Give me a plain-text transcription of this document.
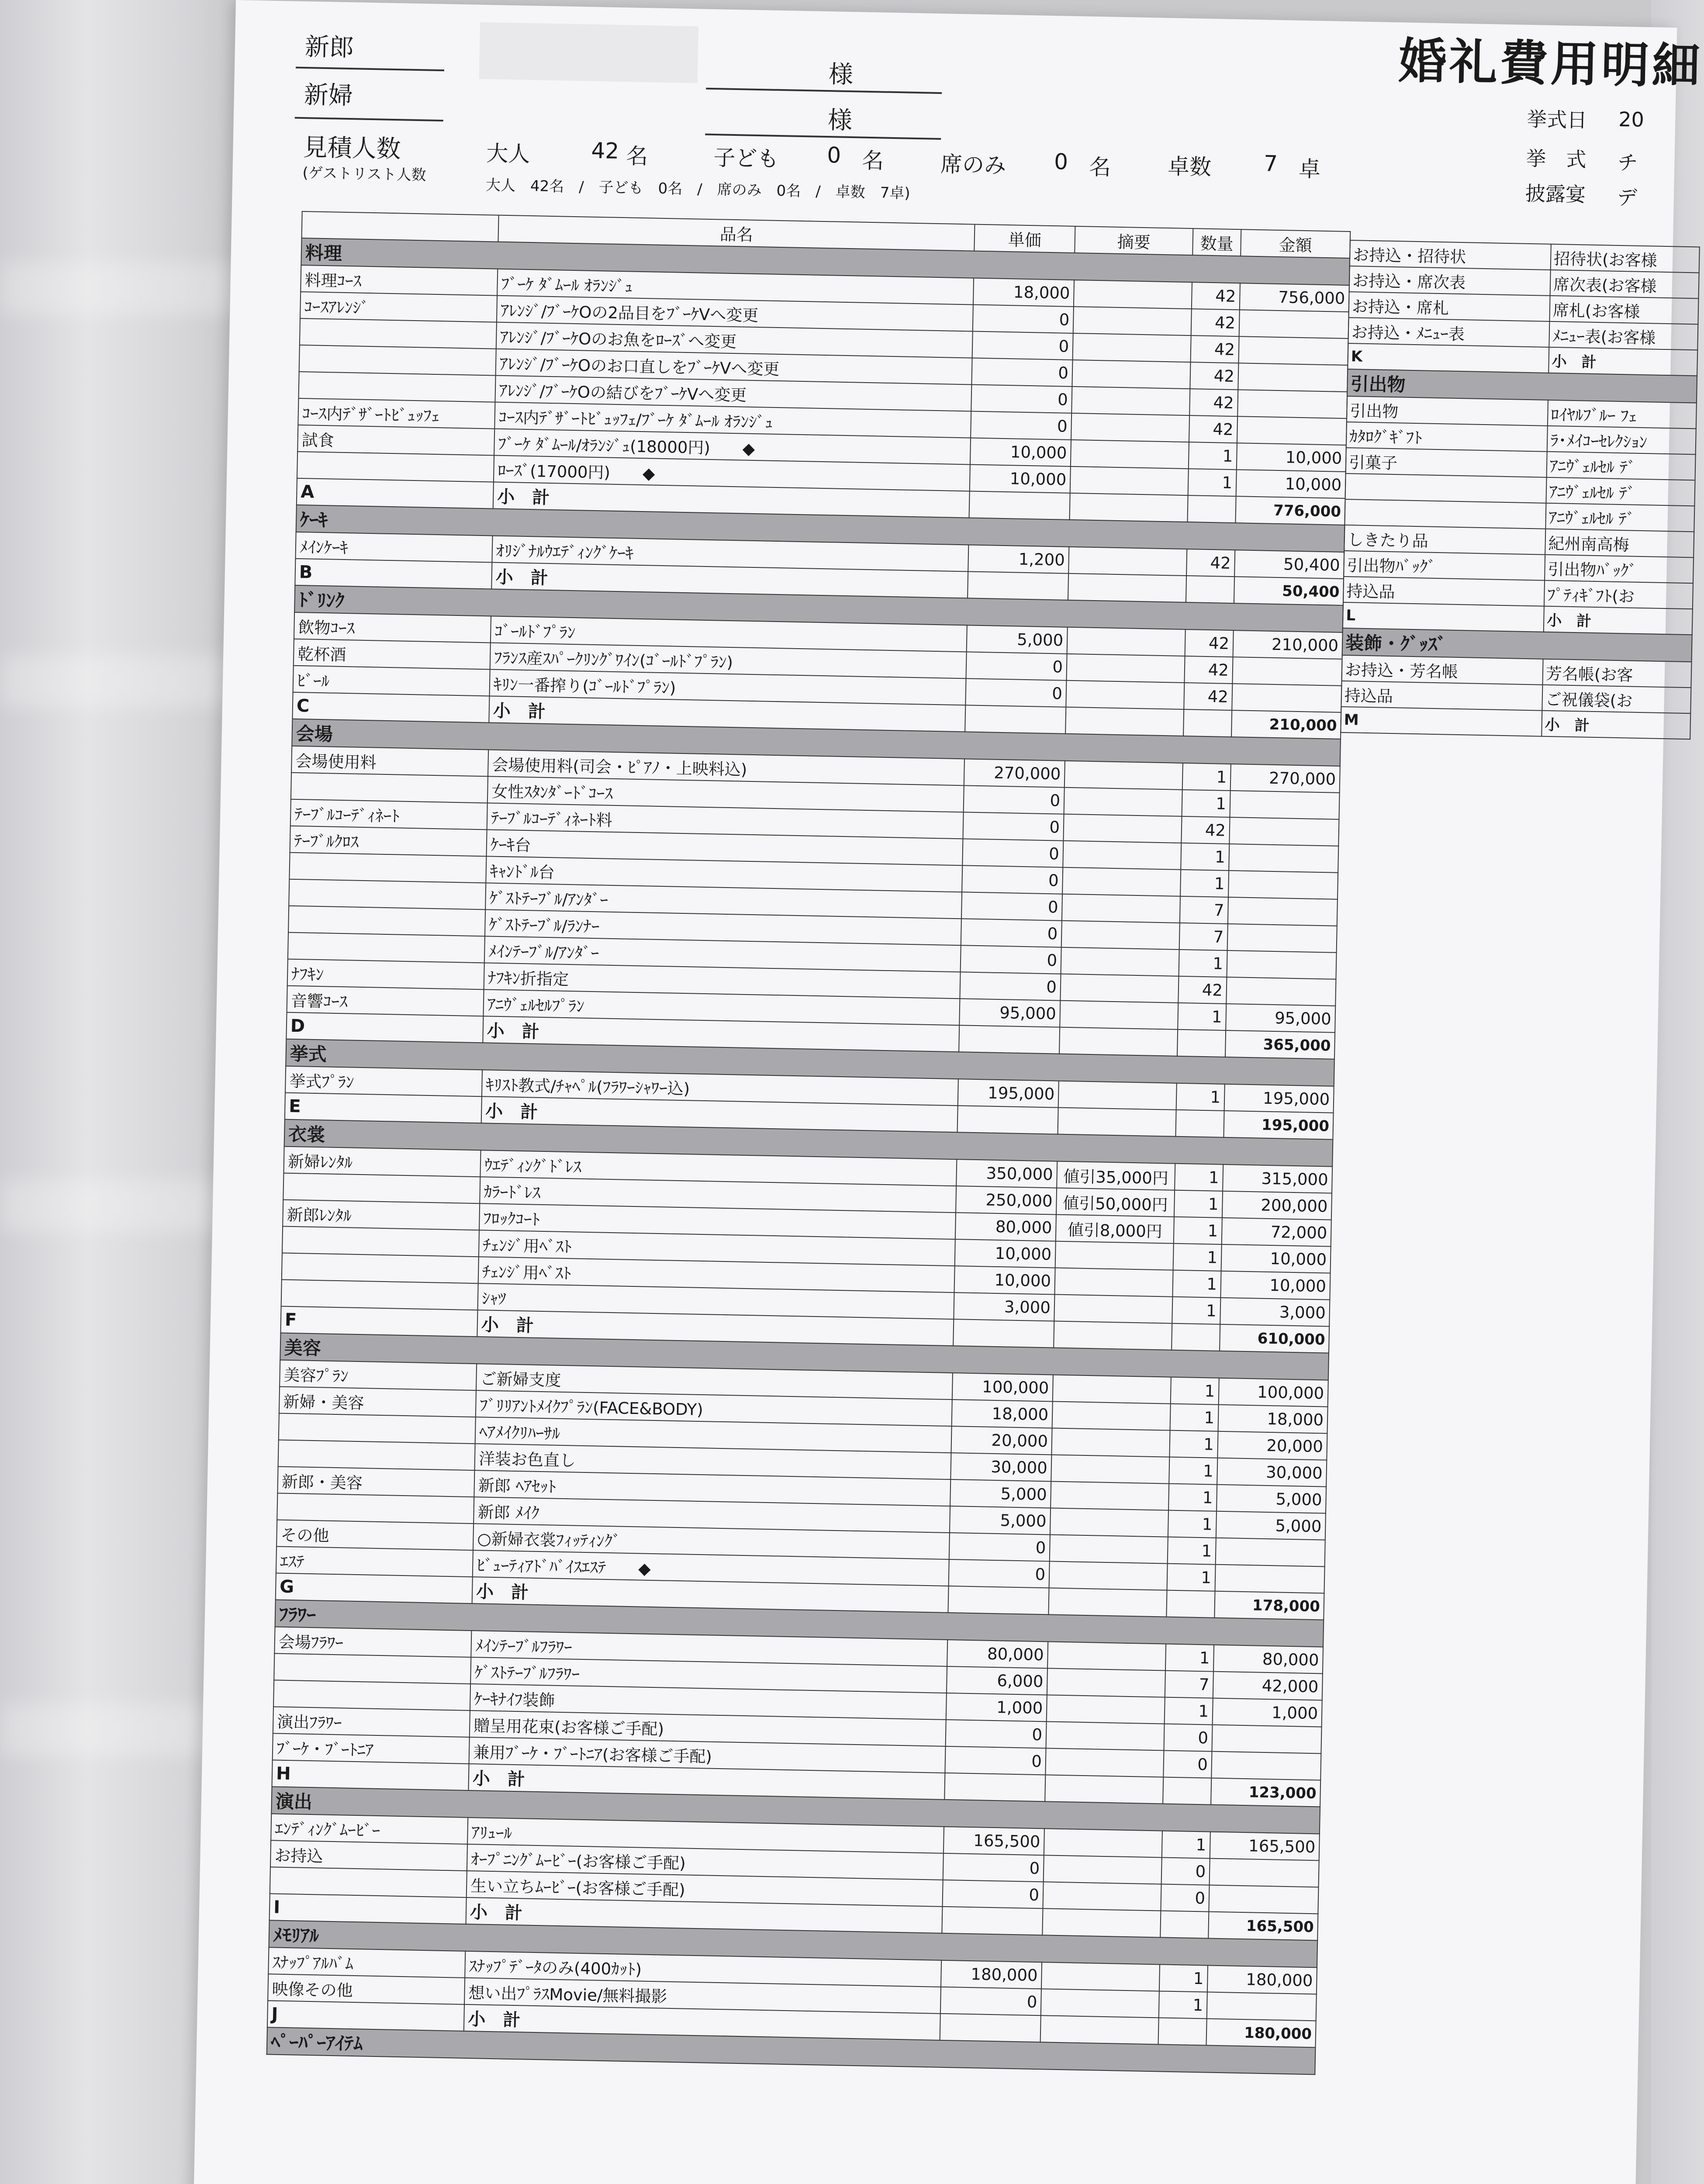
新郎
様
新婦
様
見積人数	大人	42 名	子ども 0 名	席のみ 0 名	卓数 7 卓
(ゲストリスト人数
大人　42名　/　子ども　0名　/　席のみ　0名　/　卓数　7卓)
婚礼費用明細
挙式日 20
挙　式 チ
披露宴 デ
	品名	単価	摘要	数量	金額
料理					
料理ｺｰｽ	ﾌﾞｰｹ ﾀﾞﾑｰﾙ ｵﾗﾝｼﾞｭ	18,000		42	756,000
ｺｰｽｱﾚﾝｼﾞ	ｱﾚﾝｼﾞ/ﾌﾞｰｹOの2品目をﾌﾞｰｹVへ変更	0		42	
	ｱﾚﾝｼﾞ/ﾌﾞｰｹOのお魚をﾛｰｽﾞへ変更	0		42	
	ｱﾚﾝｼﾞ/ﾌﾞｰｹOのお口直しをﾌﾞｰｹVへ変更	0		42	
	ｱﾚﾝｼﾞ/ﾌﾞｰｹOの結びをﾌﾞｰｹVへ変更	0		42	
ｺｰｽ内ﾃﾞｻﾞｰﾄﾋﾞｭｯﾌｪ	ｺｰｽ内ﾃﾞｻﾞｰﾄﾋﾞｭｯﾌｪ/ﾌﾞｰｹ ﾀﾞﾑｰﾙ ｵﾗﾝｼﾞｭ	0		42	
試食	ﾌﾞｰｹ ﾀﾞﾑｰﾙ/ｵﾗﾝｼﾞｭ(18000円)　　◆	10,000		1	10,000
	ﾛｰｽﾞ(17000円)　　◆	10,000		1	10,000
A	小　計				776,000
ｹｰｷ					
ﾒｲﾝｹｰｷ	ｵﾘｼﾞﾅﾙｳｴﾃﾞｨﾝｸﾞｹｰｷ	1,200		42	50,400
B	小　計				50,400
ﾄﾞﾘﾝｸ					
飲物ｺｰｽ	ｺﾞｰﾙﾄﾞﾌﾟﾗﾝ	5,000		42	210,000
乾杯酒	ﾌﾗﾝｽ産ｽﾊﾟｰｸﾘﾝｸﾞﾜｲﾝ(ｺﾞｰﾙﾄﾞﾌﾟﾗﾝ)	0		42	
ﾋﾞｰﾙ	ｷﾘﾝ一番搾り(ｺﾞｰﾙﾄﾞﾌﾟﾗﾝ)	0		42	
C	小　計				210,000
会場					
会場使用料	会場使用料(司会・ﾋﾟｱﾉ・上映料込)	270,000		1	270,000
	女性ｽﾀﾝﾀﾞｰﾄﾞｺｰｽ	0		1	
ﾃｰﾌﾞﾙｺｰﾃﾞｨﾈｰﾄ	ﾃｰﾌﾞﾙｺｰﾃﾞｨﾈｰﾄ料	0		42	
ﾃｰﾌﾞﾙｸﾛｽ	ｹｰｷ台	0		1	
	ｷｬﾝﾄﾞﾙ台	0		1	
	ｹﾞｽﾄﾃｰﾌﾞﾙ/ｱﾝﾀﾞｰ	0		7	
	ｹﾞｽﾄﾃｰﾌﾞﾙ/ﾗﾝﾅｰ	0		7	
	ﾒｲﾝﾃｰﾌﾞﾙ/ｱﾝﾀﾞｰ	0		1	
ﾅﾌｷﾝ	ﾅﾌｷﾝ折指定	0		42	
音響ｺｰｽ	ｱﾆｳﾞｪﾙｾﾙﾌﾟﾗﾝ	95,000		1	95,000
D	小　計				365,000
挙式					
挙式ﾌﾟﾗﾝ	ｷﾘｽﾄ教式/ﾁｬﾍﾟﾙ(ﾌﾗﾜｰｼｬﾜｰ込)	195,000		1	195,000
E	小　計				195,000
衣裳					
新婦ﾚﾝﾀﾙ	ｳｴﾃﾞｨﾝｸﾞﾄﾞﾚｽ	350,000	値引35,000円	1	315,000
	ｶﾗｰﾄﾞﾚｽ	250,000	値引50,000円	1	200,000
新郎ﾚﾝﾀﾙ	ﾌﾛｯｸｺｰﾄ	80,000	値引8,000円	1	72,000
	ﾁｪﾝｼﾞ用ﾍﾞｽﾄ	10,000		1	10,000
	ﾁｪﾝｼﾞ用ﾍﾞｽﾄ	10,000		1	10,000
	ｼｬﾂ	3,000		1	3,000
F	小　計				610,000
美容					
美容ﾌﾟﾗﾝ	ご新婦支度	100,000		1	100,000
新婦・美容	ﾌﾞﾘﾘｱﾝﾄﾒｲｸﾌﾟﾗﾝ(FACE&BODY)	18,000		1	18,000
	ﾍｱﾒｲｸﾘﾊｰｻﾙ	20,000		1	20,000
	洋装お色直し	30,000		1	30,000
新郎・美容	新郎 ﾍｱｾｯﾄ	5,000		1	5,000
	新郎 ﾒｲｸ	5,000		1	5,000
その他	○新婦衣裳ﾌｨｯﾃｨﾝｸﾞ	0		1	
ｴｽﾃ	ﾋﾞｭｰﾃｨｱﾄﾞﾊﾞｲｽｴｽﾃ　　◆	0		1	
G	小　計				178,000
ﾌﾗﾜｰ					
会場ﾌﾗﾜｰ	ﾒｲﾝﾃｰﾌﾞﾙﾌﾗﾜｰ	80,000		1	80,000
	ｹﾞｽﾄﾃｰﾌﾞﾙﾌﾗﾜｰ	6,000		7	42,000
	ｹｰｷﾅｲﾌ装飾	1,000		1	1,000
演出ﾌﾗﾜｰ	贈呈用花束(お客様ご手配)	0		0	
ﾌﾞｰｹ・ﾌﾞｰﾄﾆｱ	兼用ﾌﾞｰｹ・ﾌﾞｰﾄﾆｱ(お客様ご手配)	0		0	
H	小　計				123,000
演出					
ｴﾝﾃﾞｨﾝｸﾞﾑｰﾋﾞｰ	ｱﾘｭｰﾙ	165,500		1	165,500
お持込	ｵｰﾌﾟﾆﾝｸﾞﾑｰﾋﾞｰ(お客様ご手配)	0		0	
	生い立ちﾑｰﾋﾞｰ(お客様ご手配)	0		0	
I	小　計				165,500
ﾒﾓﾘｱﾙ					
ｽﾅｯﾌﾟｱﾙﾊﾞﾑ	ｽﾅｯﾌﾟﾃﾞｰﾀのみ(400ｶｯﾄ)	180,000		1	180,000
映像その他	想い出ﾌﾟﾗｽMovie/無料撮影	0		1	
J	小　計				180,000
ﾍﾟｰﾊﾟｰｱｲﾃﾑ					
お持込・招待状	招待状(お客様
お持込・席次表	席次表(お客様
お持込・席札	席札(お客様
お持込・ﾒﾆｭｰ表	ﾒﾆｭｰ表(お客様
K	小　計
引出物	
引出物	ﾛｲﾔﾙﾌﾞﾙｰ ﾌｪ
ｶﾀﾛｸﾞｷﾞﾌﾄ	ﾗ･ﾒｲｺｰｾﾚｸｼｮﾝ
引菓子	ｱﾆｳﾞｪﾙｾﾙ ﾃﾞ
	ｱﾆｳﾞｪﾙｾﾙ ﾃﾞ
	ｱﾆｳﾞｪﾙｾﾙ ﾃﾞ
しきたり品	紀州南高梅
引出物ﾊﾞｯｸﾞ	引出物ﾊﾞｯｸﾞ
持込品	ﾌﾟﾃｨｷﾞﾌﾄ(お
L	小　計
装飾・ｸﾞｯｽﾞ	
お持込・芳名帳	芳名帳(お客
持込品	ご祝儀袋(お
M	小　計
